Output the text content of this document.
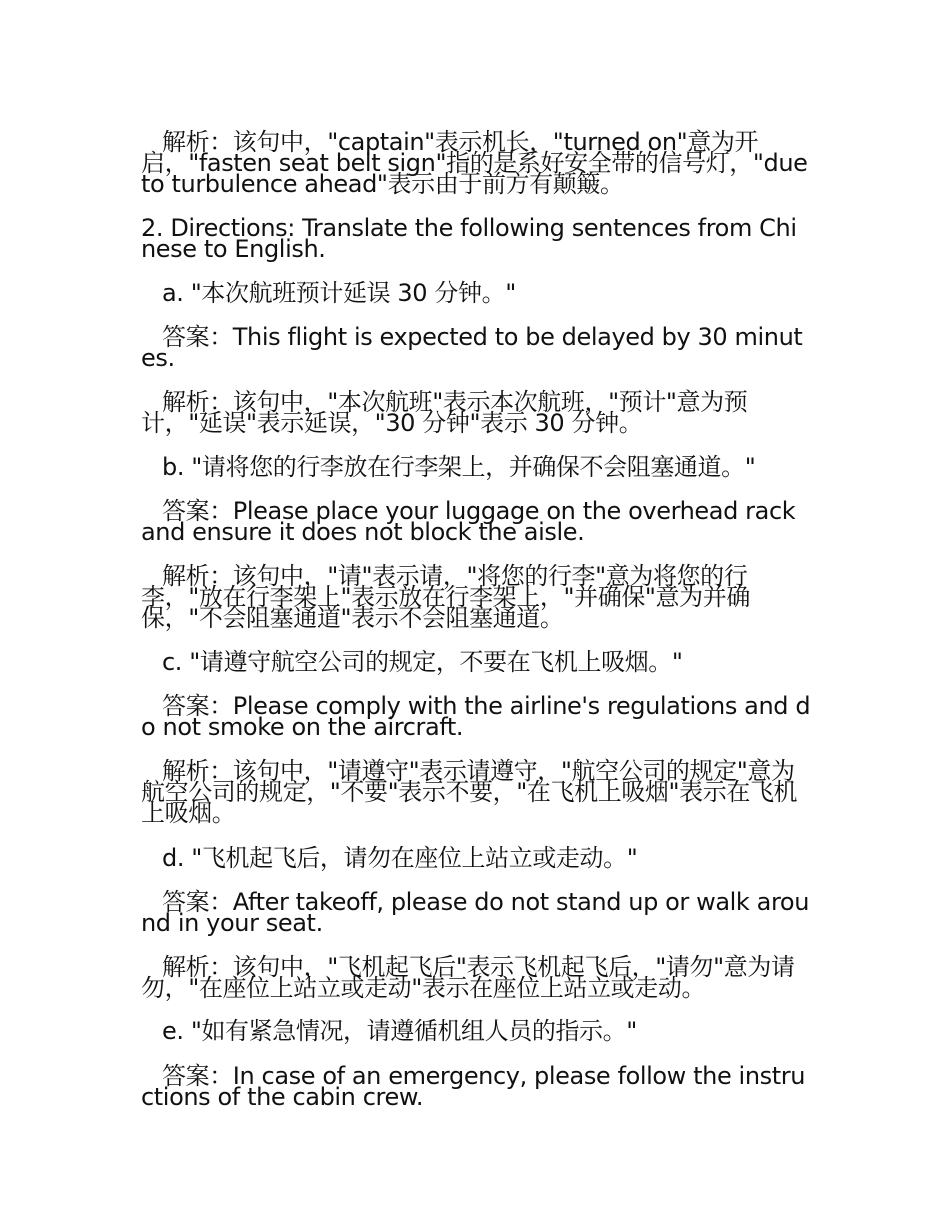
解析：该句中，"captain"表示机长，"turned on"意为开启，"fasten seat belt sign"指的是系好安全带的信号灯，"due to turbulence ahead"表示由于前方有颠簸。
2. Directions: Translate the following sentences from Chinese to English.
a. "本次航班预计延误 30 分钟。"
答案：This flight is expected to be delayed by 30 minutes.
解析：该句中，"本次航班"表示本次航班，"预计"意为预计，"延误"表示延误，"30 分钟"表示 30 分钟。
b. "请将您的行李放在行李架上，并确保不会阻塞通道。"
答案：Please place your luggage on the overhead rack and ensure it does not block the aisle.
解析：该句中，"请"表示请，"将您的行李"意为将您的行李，"放在行李架上"表示放在行李架上，"并确保"意为并确保，"不会阻塞通道"表示不会阻塞通道。
c. "请遵守航空公司的规定，不要在飞机上吸烟。"
答案：Please comply with the airline's regulations and do not smoke on the aircraft.
解析：该句中，"请遵守"表示请遵守，"航空公司的规定"意为航空公司的规定，"不要"表示不要，"在飞机上吸烟"表示在飞机上吸烟。
d. "飞机起飞后，请勿在座位上站立或走动。"
答案：After takeoff, please do not stand up or walk around in your seat.
解析：该句中，"飞机起飞后"表示飞机起飞后，"请勿"意为请勿，"在座位上站立或走动"表示在座位上站立或走动。
e. "如有紧急情况，请遵循机组人员的指示。"
答案：In case of an emergency, please follow the instructions of the cabin crew.
